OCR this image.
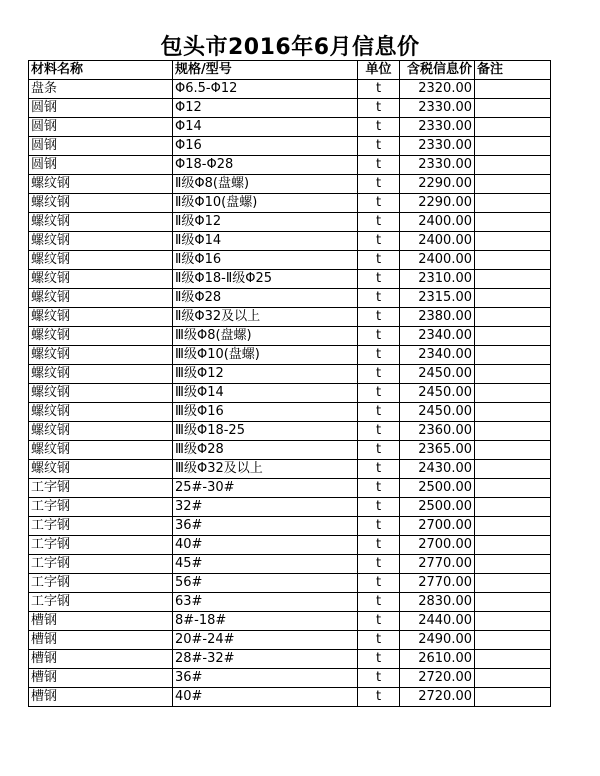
包头市2016年6月信息价
材料名称	规格/型号	单位	含税信息价	备注
盘条	Φ6.5-Φ12	t	2320.00	
圆钢	Φ12	t	2330.00	
圆钢	Φ14	t	2330.00	
圆钢	Φ16	t	2330.00	
圆钢	Φ18-Φ28	t	2330.00	
螺纹钢	Ⅱ级Φ8(盘螺)	t	2290.00	
螺纹钢	Ⅱ级Φ10(盘螺)	t	2290.00	
螺纹钢	Ⅱ级Φ12	t	2400.00	
螺纹钢	Ⅱ级Φ14	t	2400.00	
螺纹钢	Ⅱ级Φ16	t	2400.00	
螺纹钢	Ⅱ级Φ18-Ⅱ级Φ25	t	2310.00	
螺纹钢	Ⅱ级Φ28	t	2315.00	
螺纹钢	Ⅱ级Φ32及以上	t	2380.00	
螺纹钢	Ⅲ级Φ8(盘螺)	t	2340.00	
螺纹钢	Ⅲ级Φ10(盘螺)	t	2340.00	
螺纹钢	Ⅲ级Φ12	t	2450.00	
螺纹钢	Ⅲ级Φ14	t	2450.00	
螺纹钢	Ⅲ级Φ16	t	2450.00	
螺纹钢	Ⅲ级Φ18-25	t	2360.00	
螺纹钢	Ⅲ级Φ28	t	2365.00	
螺纹钢	Ⅲ级Φ32及以上	t	2430.00	
工字钢	25#-30#	t	2500.00	
工字钢	32#	t	2500.00	
工字钢	36#	t	2700.00	
工字钢	40#	t	2700.00	
工字钢	45#	t	2770.00	
工字钢	56#	t	2770.00	
工字钢	63#	t	2830.00	
槽钢	8#-18#	t	2440.00	
槽钢	20#-24#	t	2490.00	
槽钢	28#-32#	t	2610.00	
槽钢	36#	t	2720.00	
槽钢	40#	t	2720.00	
